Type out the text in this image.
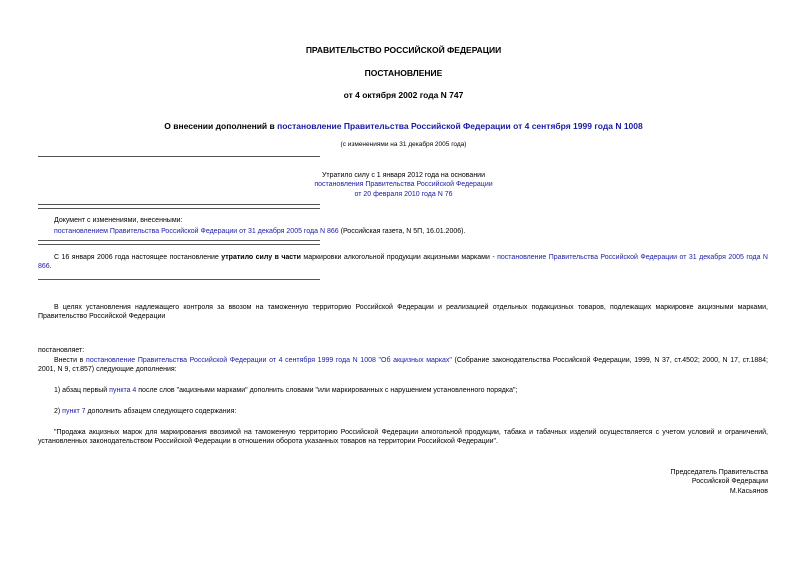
ПРАВИТЕЛЬСТВО РОССИЙСКОЙ ФЕДЕРАЦИИ
ПОСТАНОВЛЕНИЕ
от 4 октября 2002 года N 747
О внесении дополнений в постановление Правительства Российской Федерации от 4 сентября 1999 года N 1008
(с изменениями на 31 декабря 2005 года)
Утратило силу с 1 января 2012 года на основании
постановления Правительства Российской Федерации
от 20 февраля 2010 года N 76
Документ с изменениями, внесенными:
постановлением Правительства Российской Федерации от 31 декабря 2005 года N 866 (Российская газета, N 5П, 16.01.2006).
С 16 января 2006 года настоящее постановление утратило силу в части маркировки алкогольной продукции акцизными марками - постановление Правительства Российской Федерации от 31 декабря 2005 года N 866.
В целях установления надлежащего контроля за ввозом на таможенную территорию Российской Федерации и реализацией отдельных подакцизных товаров, подлежащих маркировке акцизными марками, Правительство Российской Федерации
постановляет:
Внести в постановление Правительства Российской Федерации от 4 сентября 1999 года N 1008 "Об акцизных марках" (Собрание законодательства Российской Федерации, 1999, N 37, ст.4502; 2000, N 17, ст.1884; 2001, N 9, ст.857) следующие дополнения:
1) абзац первый пункта 4 после слов "акцизными марками" дополнить словами "или маркированных с нарушением установленного порядка";
2) пункт 7 дополнить абзацем следующего содержания:
"Продажа акцизных марок для маркирования ввозимой на таможенную территорию Российской Федерации алкогольной продукции, табака и табачных изделий осуществляется с учетом условий и ограничений, установленных законодательством Российской Федерации в отношении оборота указанных товаров на территории Российской Федерации".
Председатель Правительства
Российской Федерации
М.Касьянов
